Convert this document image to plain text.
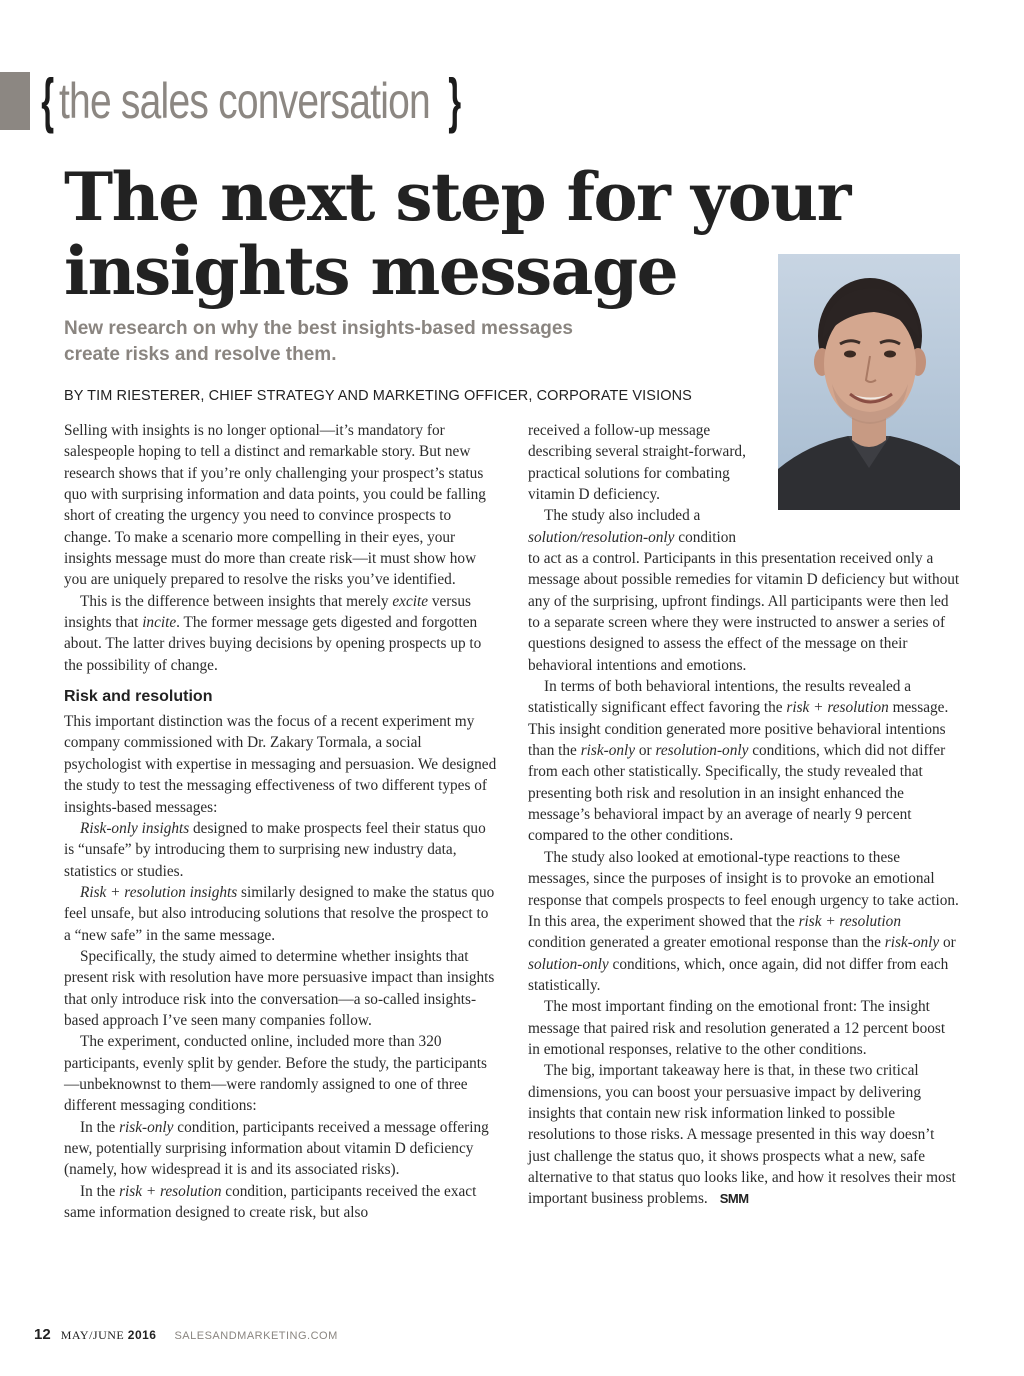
{ the sales conversation }
The next step for your insights message

New research on why the best insights-based messages
create risks and resolve them.

BY TIM RIESTERER, CHIEF STRATEGY AND MARKETING OFFICER, CORPORATE VISIONS

Selling with insights is no longer optional—it’s mandatory for salespeople hoping to tell a distinct and remarkable story. But new research shows that if you’re only challenging your prospect’s status quo with surprising information and data points, you could be falling short of creating the urgency you need to convince prospects to change. To make a scenario more compelling in their eyes, your insights message must do more than create risk—it must show how you are uniquely prepared to resolve the risks you’ve identified.

This is the difference between insights that merely excite versus insights that incite. The former message gets digested and forgotten about. The latter drives buying decisions by opening prospects up to the possibility of change.

Risk and resolution

This important distinction was the focus of a recent experiment my company commissioned with Dr. Zakary Tormala, a social psychologist with expertise in messaging and persuasion. We designed the study to test the messaging effectiveness of two different types of insights-based messages:

Risk-only insights designed to make prospects feel their status quo is “unsafe” by introducing them to surprising new industry data, statistics or studies.

Risk + resolution insights similarly designed to make the status quo feel unsafe, but also introducing solutions that resolve the prospect to a “new safe” in the same message.

Specifically, the study aimed to determine whether insights that present risk with resolution have more persuasive impact than insights that only introduce risk into the conversation—a so-called insights-based approach I’ve seen many companies follow.

The experiment, conducted online, included more than 320 participants, evenly split by gender. Before the study, the participants—unbeknownst to them—were randomly assigned to one of three different messaging conditions:

In the risk-only condition, participants received a message offering new, potentially surprising information about vitamin D deficiency (namely, how widespread it is and its associated risks).

In the risk + resolution condition, participants received the exact same information designed to create risk, but also

received a follow-up message describing several straight-forward, practical solutions for combating vitamin D deficiency.

The study also included a solution/resolution-only condition

to act as a control. Participants in this presentation received only a message about possible remedies for vitamin D deficiency but without any of the surprising, upfront findings. All participants were then led to a separate screen where they were instructed to answer a series of questions designed to assess the effect of the message on their behavioral intentions and emotions.

In terms of both behavioral intentions, the results revealed a statistically significant effect favoring the risk + resolution message. This insight condition generated more positive behavioral intentions than the risk-only or resolution-only conditions, which did not differ from each other statistically. Specifically, the study revealed that presenting both risk and resolution in an insight enhanced the message’s behavioral impact by an average of nearly 9 percent compared to the other conditions.

The study also looked at emotional-type reactions to these messages, since the purposes of insight is to provoke an emotional response that compels prospects to feel enough urgency to take action. In this area, the experiment showed that the risk + resolution condition generated a greater emotional response than the risk-only or solution-only conditions, which, once again, did not differ from each statistically.

The most important finding on the emotional front: The insight message that paired risk and resolution generated a 12 percent boost in emotional responses, relative to the other conditions.

The big, important takeaway here is that, in these two critical dimensions, you can boost your persuasive impact by delivering insights that contain new risk information linked to possible resolutions to those risks. A message presented in this way doesn’t just challenge the status quo, it shows prospects what a new, safe alternative to that status quo looks like, and how it resolves their most important business problems. SMM

12 MAY/JUNE 2016 SALESANDMARKETING.COM
